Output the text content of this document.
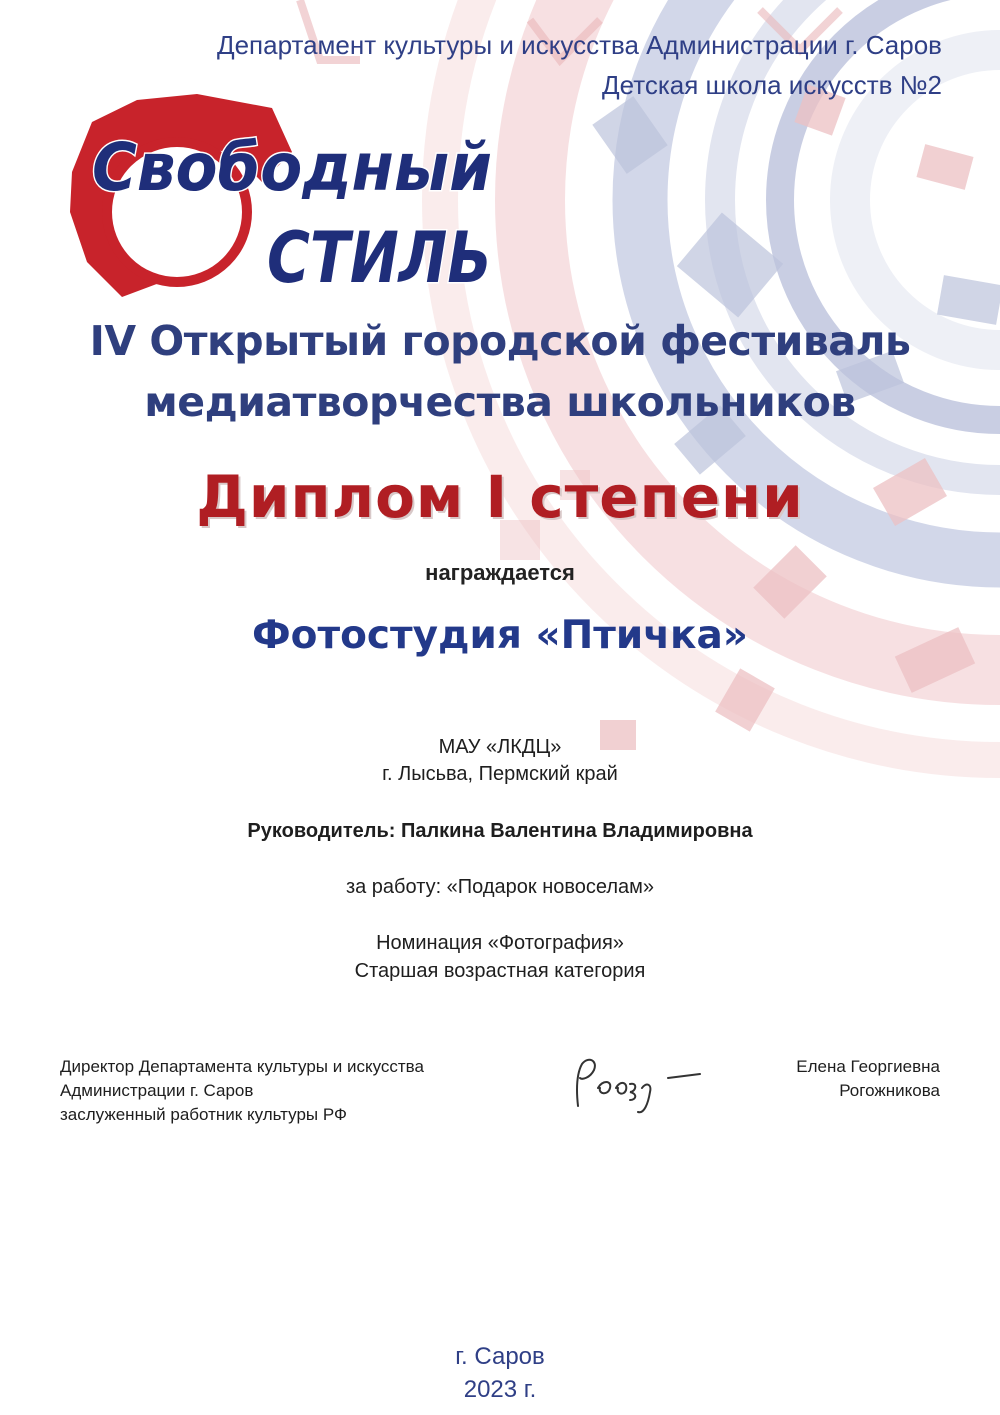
Департамент культуры и искусства Администрации г. Саров
Детская школа искусств №2
Свободный
СТИЛЬ
IV Открытый городской фестиваль
медиатворчества школьников
Диплом I степени
награждается
Фотостудия «Птичка»
МАУ «ЛКДЦ»
г. Лысьва, Пермский край
Руководитель: Палкина Валентина Владимировна
за работу: «Подарок новоселам»
Номинация «Фотография»
Старшая возрастная категория
Директор Департамента культуры и искусства
Администрации г. Саров
заслуженный работник культуры РФ
Елена Георгиевна
Рогожникова
г. Саров
2023 г.
